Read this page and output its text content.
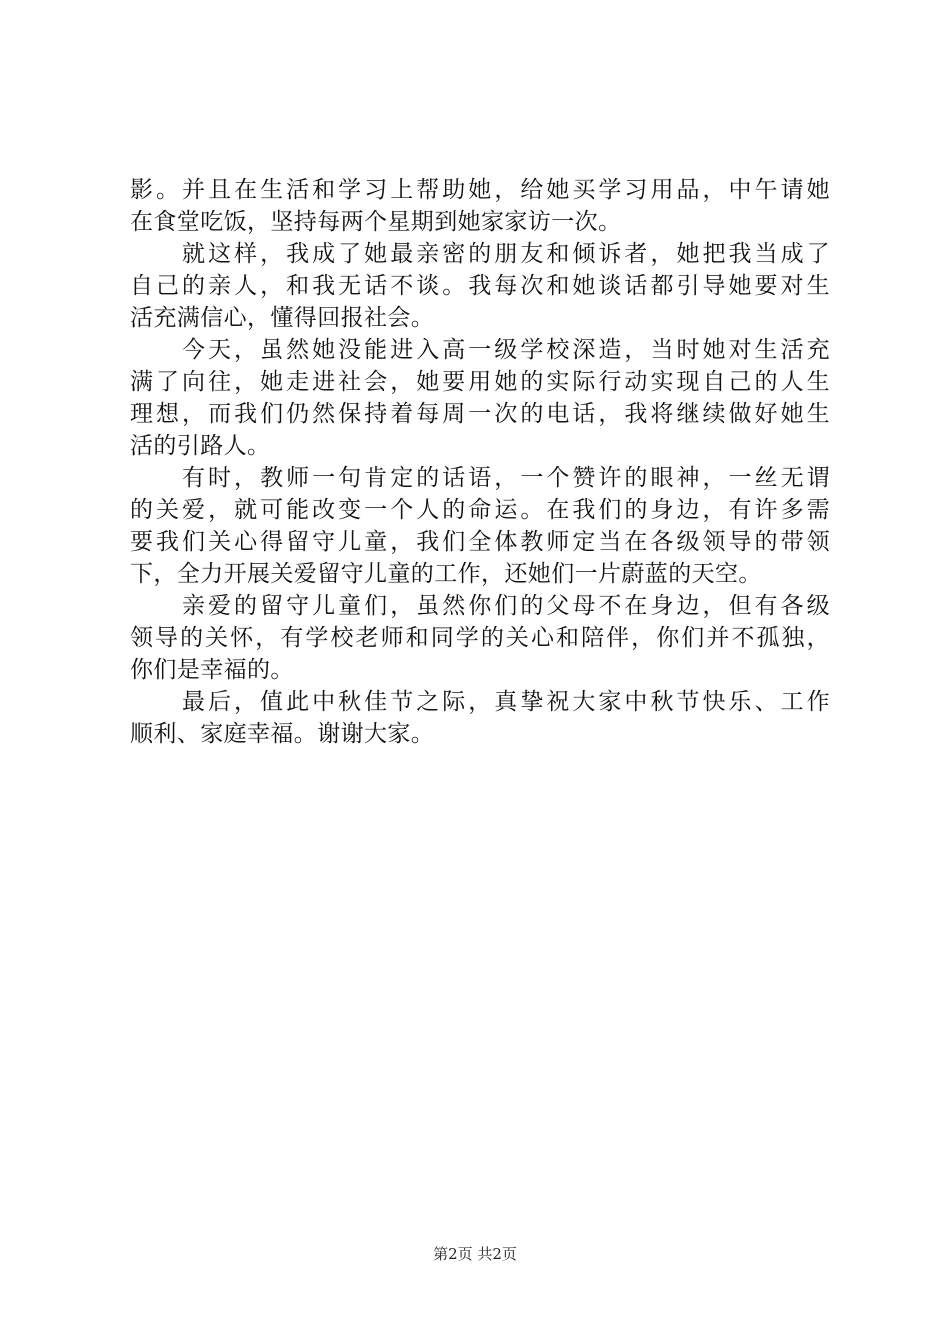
影。并且在生活和学习上帮助她，给她买学习用品，中午请她
在食堂吃饭，坚持每两个星期到她家家访一次。
就这样，我成了她最亲密的朋友和倾诉者，她把我当成了
自己的亲人，和我无话不谈。我每次和她谈话都引导她要对生
活充满信心，懂得回报社会。
今天，虽然她没能进入高一级学校深造，当时她对生活充
满了向往，她走进社会，她要用她的实际行动实现自己的人生
理想，而我们仍然保持着每周一次的电话，我将继续做好她生
活的引路人。
有时，教师一句肯定的话语，一个赞许的眼神，一丝无谓
的关爱，就可能改变一个人的命运。在我们的身边，有许多需
要我们关心得留守儿童，我们全体教师定当在各级领导的带领
下，全力开展关爱留守儿童的工作，还她们一片蔚蓝的天空。
亲爱的留守儿童们，虽然你们的父母不在身边，但有各级
领导的关怀，有学校老师和同学的关心和陪伴，你们并不孤独，
你们是幸福的。
最后，值此中秋佳节之际，真挚祝大家中秋节快乐、工作
顺利、家庭幸福。谢谢大家。
第2页 共2页
